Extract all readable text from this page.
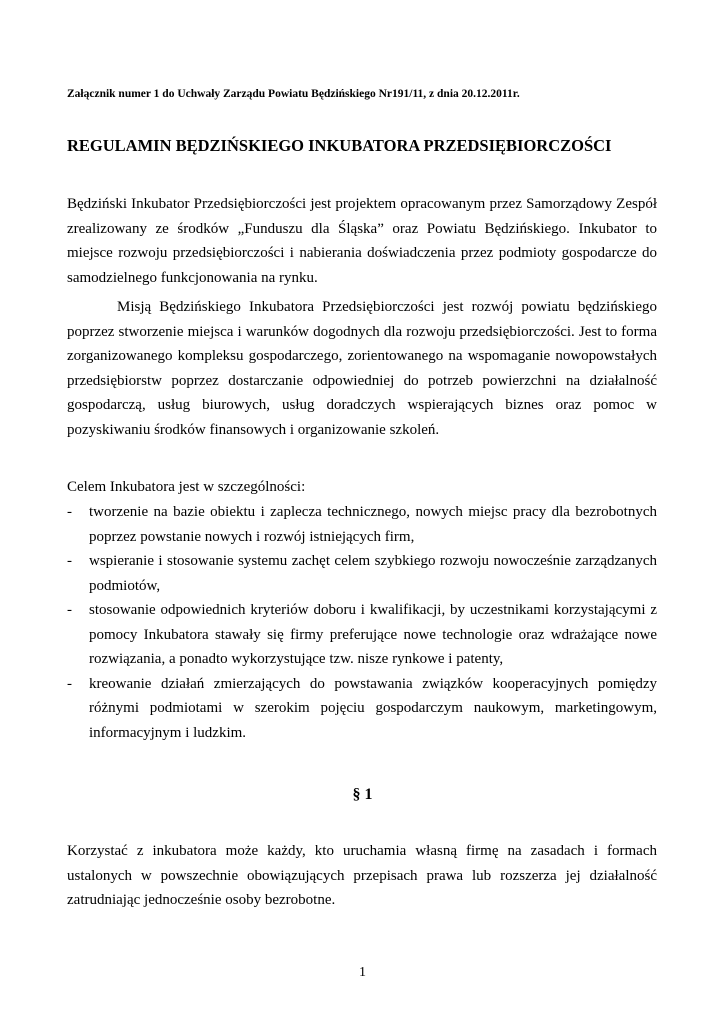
Załącznik numer 1 do Uchwały Zarządu Powiatu Będzińskiego Nr191/11, z dnia 20.12.2011r.
REGULAMIN BĘDZIŃSKIEGO INKUBATORA PRZEDSIĘBIORCZOŚCI

Będziński Inkubator Przedsiębiorczości jest projektem opracowanym przez Samorządowy Zespół zrealizowany ze środków „Funduszu dla Śląska” oraz Powiatu Będzińskiego. Inkubator to miejsce rozwoju przedsiębiorczości i nabierania doświadczenia przez podmioty gospodarcze do samodzielnego funkcjonowania na rynku.

Misją Będzińskiego Inkubatora Przedsiębiorczości jest rozwój powiatu będzińskiego poprzez stworzenie miejsca i warunków dogodnych dla rozwoju przedsiębiorczości. Jest to forma zorganizowanego kompleksu gospodarczego, zorientowanego na wspomaganie nowopowstałych przedsiębiorstw poprzez dostarczanie odpowiedniej do potrzeb powierzchni na działalność gospodarczą, usług biurowych, usług doradczych wspierających biznes oraz pomoc w pozyskiwaniu środków finansowych i organizowanie szkoleń.

Celem Inkubatora jest w szczególności:
- tworzenie na bazie obiektu i zaplecza technicznego, nowych miejsc pracy dla bezrobotnych poprzez powstanie nowych i rozwój istniejących firm,
- wspieranie i stosowanie systemu zachęt celem szybkiego rozwoju nowocześnie zarządzanych podmiotów,
- stosowanie odpowiednich kryteriów doboru i kwalifikacji, by uczestnikami korzystającymi z pomocy Inkubatora stawały się firmy preferujące nowe technologie oraz wdrażające nowe rozwiązania, a ponadto wykorzystujące tzw. nisze rynkowe i patenty,
- kreowanie działań zmierzających do powstawania związków kooperacyjnych pomiędzy różnymi podmiotami w szerokim pojęciu gospodarczym naukowym, marketingowym, informacyjnym i ludzkim.
§ 1

Korzystać z inkubatora może każdy, kto uruchamia własną firmę na zasadach i formach ustalonych w powszechnie obowiązujących przepisach prawa lub rozszerza jej działalność zatrudniając jednocześnie osoby bezrobotne.

1
